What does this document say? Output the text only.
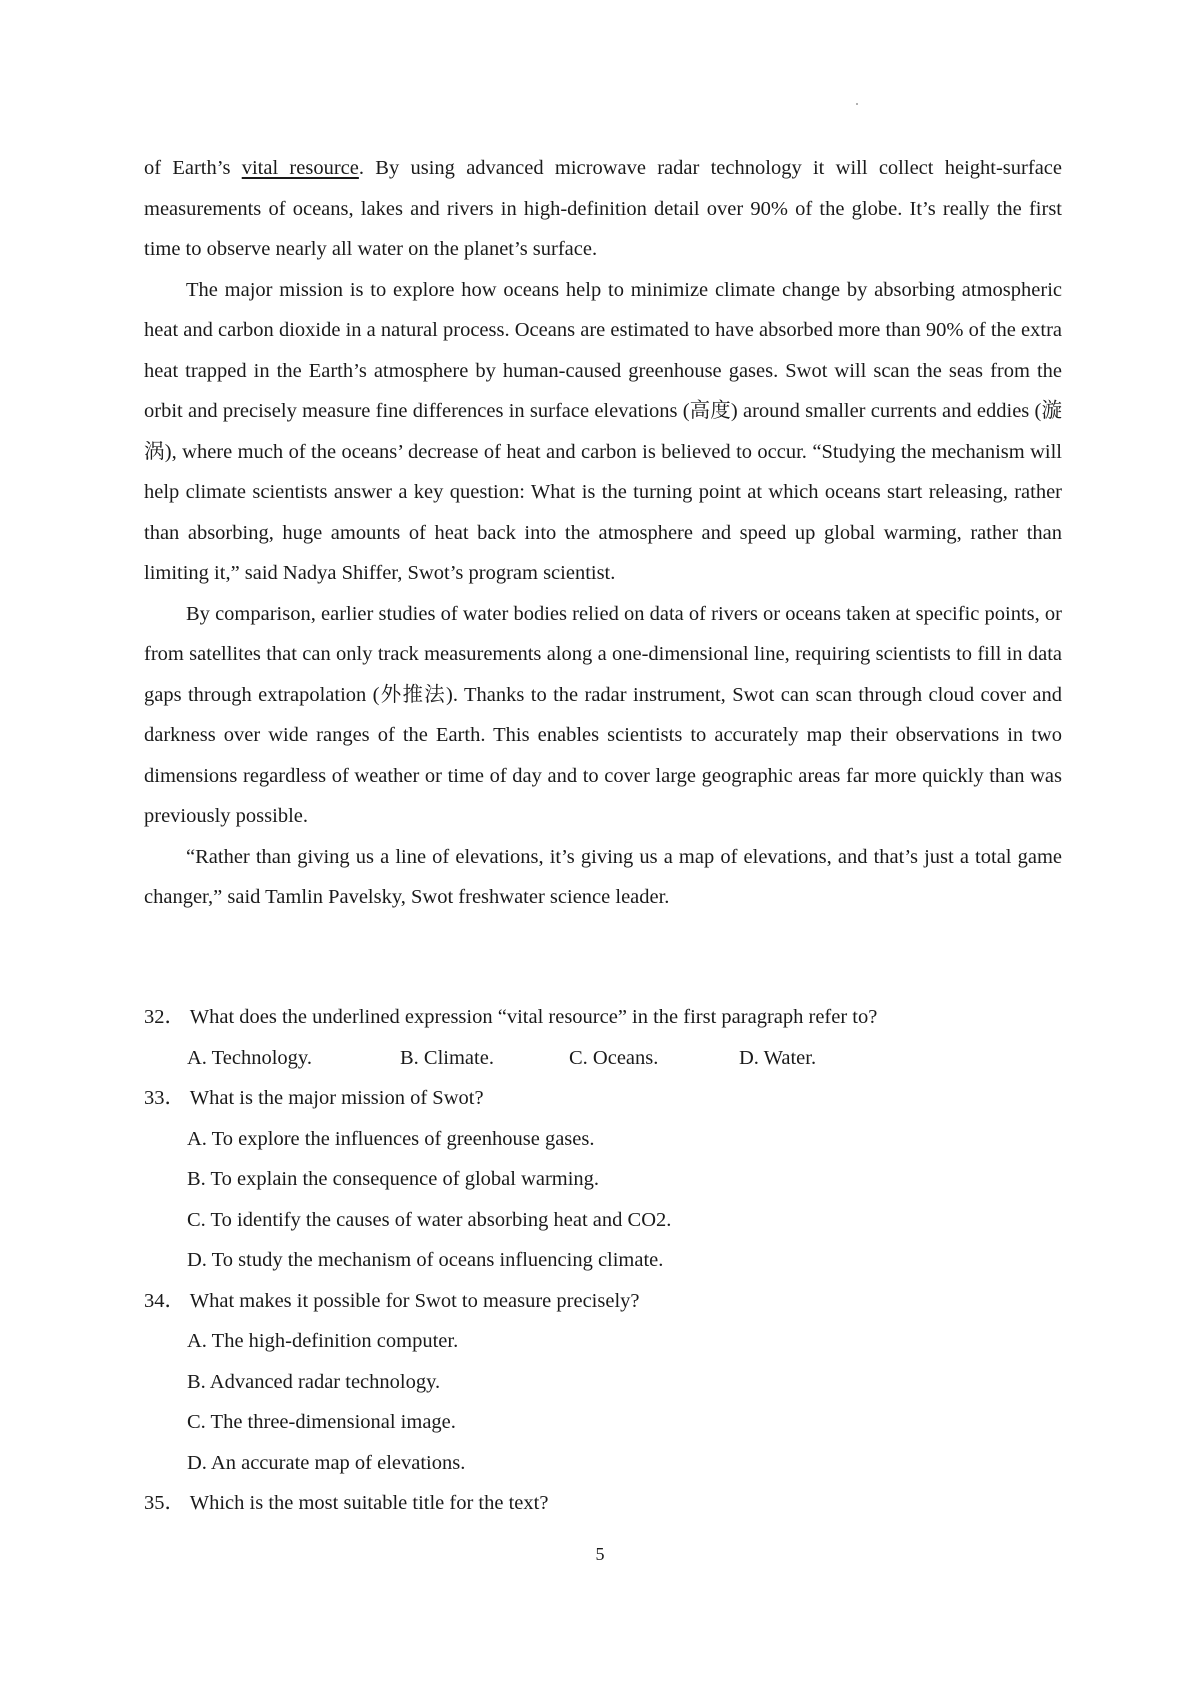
of Earth’s vital resource. By using advanced microwave radar technology it will collect height-surface measurements of oceans, lakes and rivers in high-definition detail over 90% of the globe. It’s really the first time to observe nearly all water on the planet’s surface.

The major mission is to explore how oceans help to minimize climate change by absorbing atmospheric heat and carbon dioxide in a natural process. Oceans are estimated to have absorbed more than 90% of the extra heat trapped in the Earth’s atmosphere by human-caused greenhouse gases. Swot will scan the seas from the orbit and precisely measure fine differences in surface elevations (高度) around smaller currents and eddies (漩涡), where much of the oceans’ decrease of heat and carbon is believed to occur. “Studying the mechanism will help climate scientists answer a key question: What is the turning point at which oceans start releasing, rather than absorbing, huge amounts of heat back into the atmosphere and speed up global warming, rather than limiting it,” said Nadya Shiffer, Swot’s program scientist.

By comparison, earlier studies of water bodies relied on data of rivers or oceans taken at specific points, or from satellites that can only track measurements along a one-dimensional line, requiring scientists to fill in data gaps through extrapolation (外推法). Thanks to the radar instrument, Swot can scan through cloud cover and darkness over wide ranges of the Earth. This enables scientists to accurately map their observations in two dimensions regardless of weather or time of day and to cover large geographic areas far more quickly than was previously possible.

“Rather than giving us a line of elevations, it’s giving us a map of elevations, and that’s just a total game changer,” said Tamlin Pavelsky, Swot freshwater science leader.

32． What does the underlined expression “vital resource” in the first paragraph refer to?

A. Technology.	B. Climate.	C. Oceans.	D. Water.

33． What is the major mission of Swot?

A. To explore the influences of greenhouse gases.

B. To explain the consequence of global warming.

C. To identify the causes of water absorbing heat and CO2.

D. To study the mechanism of oceans influencing climate.

34． What makes it possible for Swot to measure precisely?

A. The high-definition computer.

B. Advanced radar technology.

C. The three-dimensional image.

D. An accurate map of elevations.

35． Which is the most suitable title for the text?

5
